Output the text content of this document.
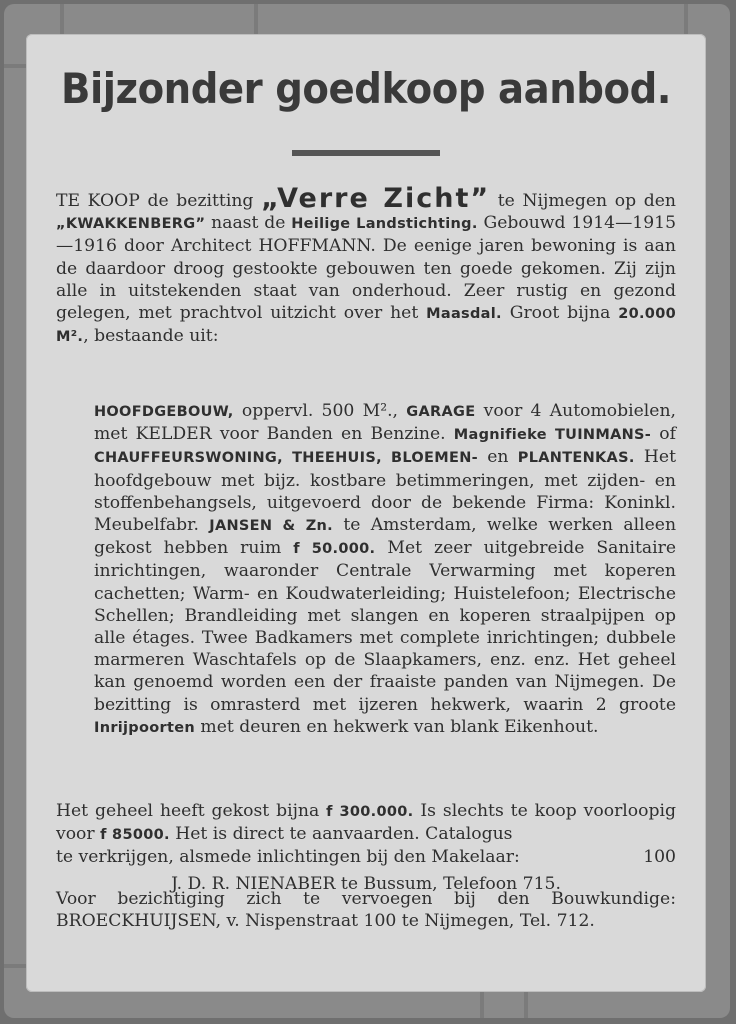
Bijzonder goedkoop aanbod.
TE KOOP de bezitting „Verre Zicht” te Nijmegen op den „KWAKKENBERG” naast de Heilige Landstichting. Gebouwd 1914—1915—1916 door Architect HOFFMANN. De eenige jaren bewoning is aan de daardoor droog gestookte gebouwen ten goede gekomen. Zij zijn alle in uitstekenden staat van onderhoud. Zeer rustig en gezond gelegen, met prachtvol uitzicht over het Maasdal. Groot bijna 20.000 M²., bestaande uit:
HOOFDGEBOUW, oppervl. 500 M²., GARAGE voor 4 Automobielen, met KELDER voor Banden en Benzine. Magnifieke TUINMANS- of CHAUFFEURSWONING, THEEHUIS, BLOEMEN- en PLANTENKAS. Het hoofdgebouw met bijz. kostbare betimmeringen, met zijden- en stoffenbehangsels, uitgevoerd door de bekende Firma: Koninkl. Meubelfabr. JANSEN & Zn. te Amsterdam, welke werken alleen gekost hebben ruim f 50.000. Met zeer uitgebreide Sanitaire inrichtingen, waaronder Centrale Verwarming met koperen cachetten; Warm- en Koudwaterleiding; Huistelefoon; Electrische Schellen; Brandleiding met slangen en koperen straalpijpen op alle étages. Twee Badkamers met complete inrichtingen; dubbele marmeren Waschtafels op de Slaapkamers, enz. enz. Het geheel kan genoemd worden een der fraaiste panden van Nijmegen. De bezitting is omrasterd met ijzeren hekwerk, waarin 2 groote Inrijpoorten met deuren en hekwerk van blank Eikenhout.

Het geheel heeft gekost bijna f 300.000. Is slechts te koop voorloopig voor f 85000. Het is direct te aanvaarden. Catalogus

te verkrijgen, alsmede inlichtingen bij den Makelaar:	100

J. D. R. NIENABER te Bussum, Telefoon 715.

Voor bezichtiging zich te vervoegen bij den Bouwkundige: BROECKHUIJSEN, v. Nispenstraat 100 te Nijmegen, Tel. 712.
